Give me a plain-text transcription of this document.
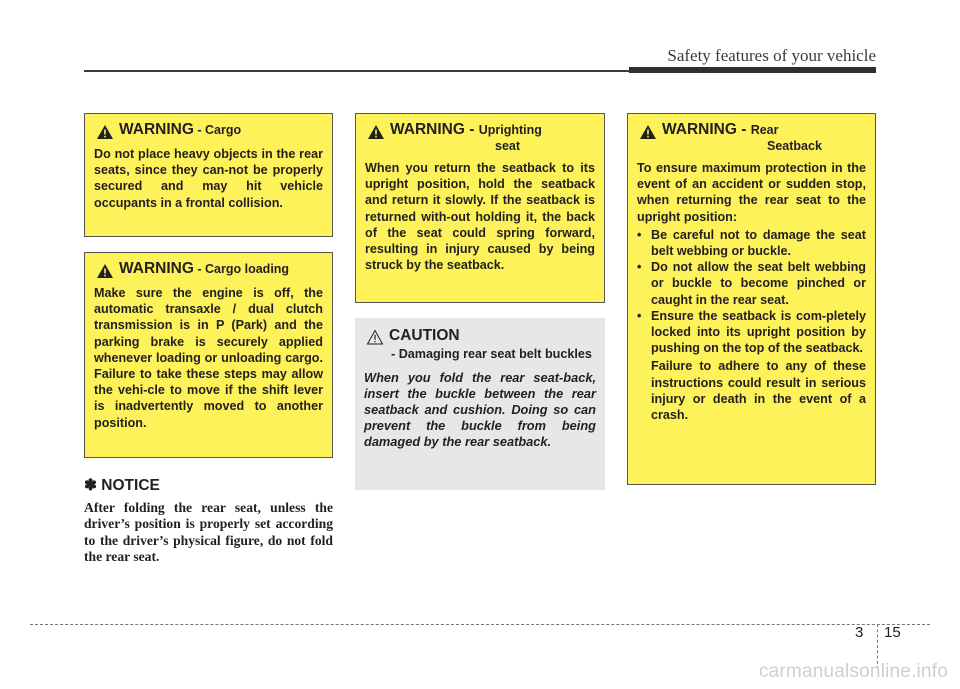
Safety features of your vehicle
WARNING - Cargo
Do not place heavy objects in the rear seats, since they can-not be properly secured and may hit vehicle occupants in a frontal collision.
WARNING - Cargo loading
Make sure the engine is off, the automatic transaxle / dual clutch transmission is in P (Park) and the parking brake is securely applied whenever loading or unloading cargo. Failure to take these steps may allow the vehi-cle to move if the shift lever is inadvertently moved to another position.
✽ NOTICE
After folding the rear seat, unless the driver’s position is properly set according to the driver’s physical figure, do not fold the rear seat.
WARNING - Uprighting
seat
When you return the seatback to its upright position, hold the seatback and return it slowly. If the seatback is returned with-out holding it, the back of the seat could spring forward, resulting in injury caused by being struck by the seatback.
CAUTION
- Damaging rear seat belt buckles
When you fold the rear seat-back, insert the buckle between the rear seatback and cushion. Doing so can prevent the buckle from being damaged by the rear seatback.
WARNING - Rear
Seatback
To ensure maximum protection in the event of an accident or sudden stop, when returning the rear seat to the upright position:
• Be careful not to damage the seat belt webbing or buckle.
• Do not allow the seat belt webbing or buckle to become pinched or caught in the rear seat.
• Ensure the seatback is com-pletely locked into its upright position by pushing on the top of the seatback.
Failure to adhere to any of these instructions could result in serious injury or death in the event of a crash.
3 15
carmanualsonline.info
